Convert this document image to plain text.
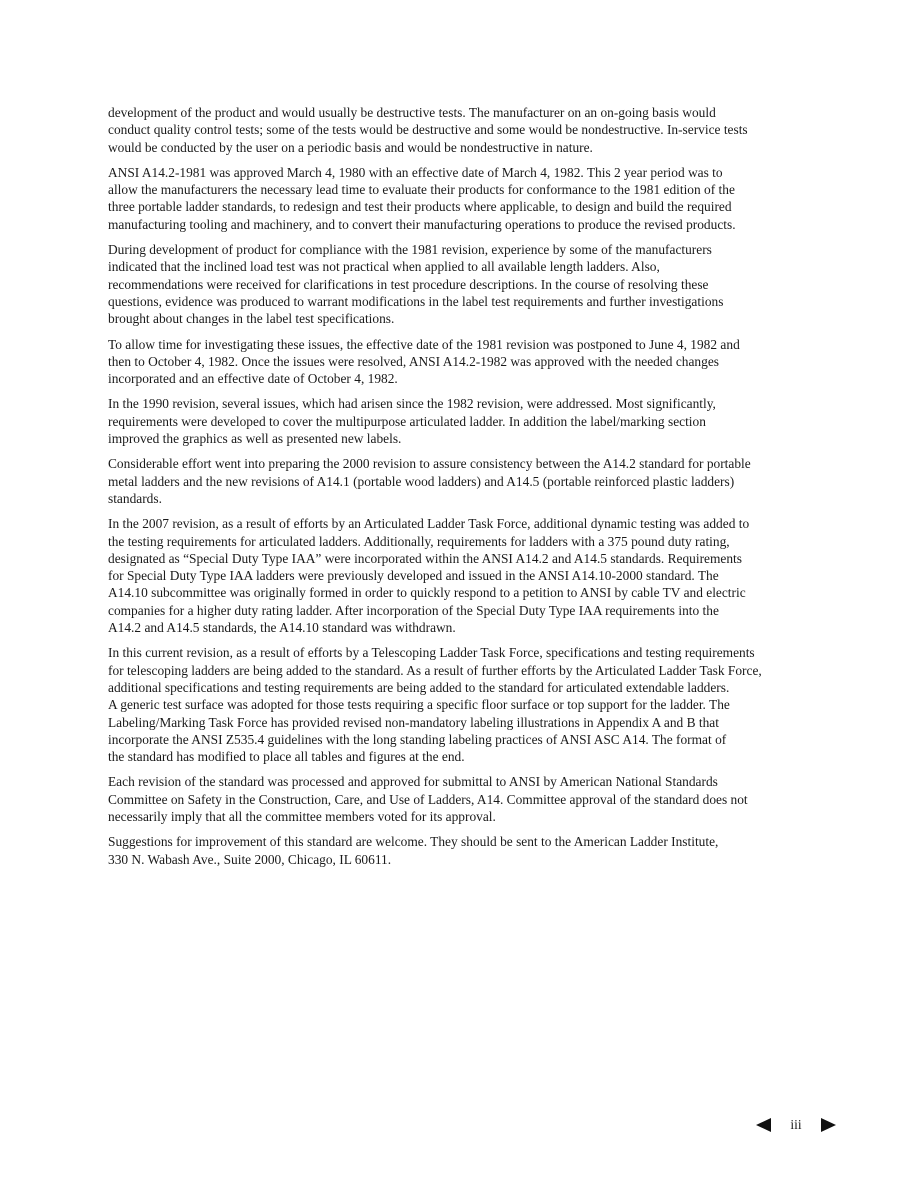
development of the product and would usually be destructive tests. The manufacturer on an on-going basis would
conduct quality control tests; some of the tests would be destructive and some would be nondestructive. In-service tests
would be conducted by the user on a periodic basis and would be nondestructive in nature.

ANSI A14.2-1981 was approved March 4, 1980 with an effective date of March 4, 1982. This 2 year period was to
allow the manufacturers the necessary lead time to evaluate their products for conformance to the 1981 edition of the
three portable ladder standards, to redesign and test their products where applicable, to design and build the required
manufacturing tooling and machinery, and to convert their manufacturing operations to produce the revised products.

During development of product for compliance with the 1981 revision, experience by some of the manufacturers
indicated that the inclined load test was not practical when applied to all available length ladders. Also,
recommendations were received for clarifications in test procedure descriptions. In the course of resolving these
questions, evidence was produced to warrant modifications in the label test requirements and further investigations
brought about changes in the label test specifications.

To allow time for investigating these issues, the effective date of the 1981 revision was postponed to June 4, 1982 and
then to October 4, 1982. Once the issues were resolved, ANSI A14.2-1982 was approved with the needed changes
incorporated and an effective date of October 4, 1982.

In the 1990 revision, several issues, which had arisen since the 1982 revision, were addressed. Most significantly,
requirements were developed to cover the multipurpose articulated ladder. In addition the label/marking section
improved the graphics as well as presented new labels.

Considerable effort went into preparing the 2000 revision to assure consistency between the A14.2 standard for portable
metal ladders and the new revisions of A14.1 (portable wood ladders) and A14.5 (portable reinforced plastic ladders)
standards.

In the 2007 revision, as a result of efforts by an Articulated Ladder Task Force, additional dynamic testing was added to
the testing requirements for articulated ladders. Additionally, requirements for ladders with a 375 pound duty rating,
designated as “Special Duty Type IAA” were incorporated within the ANSI A14.2 and A14.5 standards. Requirements
for Special Duty Type IAA ladders were previously developed and issued in the ANSI A14.10-2000 standard. The
A14.10 subcommittee was originally formed in order to quickly respond to a petition to ANSI by cable TV and electric
companies for a higher duty rating ladder. After incorporation of the Special Duty Type IAA requirements into the
A14.2 and A14.5 standards, the A14.10 standard was withdrawn.

In this current revision, as a result of efforts by a Telescoping Ladder Task Force, specifications and testing requirements
for telescoping ladders are being added to the standard. As a result of further efforts by the Articulated Ladder Task Force,
additional specifications and testing requirements are being added to the standard for articulated extendable ladders.
A generic test surface was adopted for those tests requiring a specific floor surface or top support for the ladder. The
Labeling/Marking Task Force has provided revised non-mandatory labeling illustrations in Appendix A and B that
incorporate the ANSI Z535.4 guidelines with the long standing labeling practices of ANSI ASC A14. The format of
the standard has modified to place all tables and figures at the end.

Each revision of the standard was processed and approved for submittal to ANSI by American National Standards
Committee on Safety in the Construction, Care, and Use of Ladders, A14. Committee approval of the standard does not
necessarily imply that all the committee members voted for its approval.

Suggestions for improvement of this standard are welcome. They should be sent to the American Ladder Institute,
330 N. Wabash Ave., Suite 2000, Chicago, IL 60611.

iii
